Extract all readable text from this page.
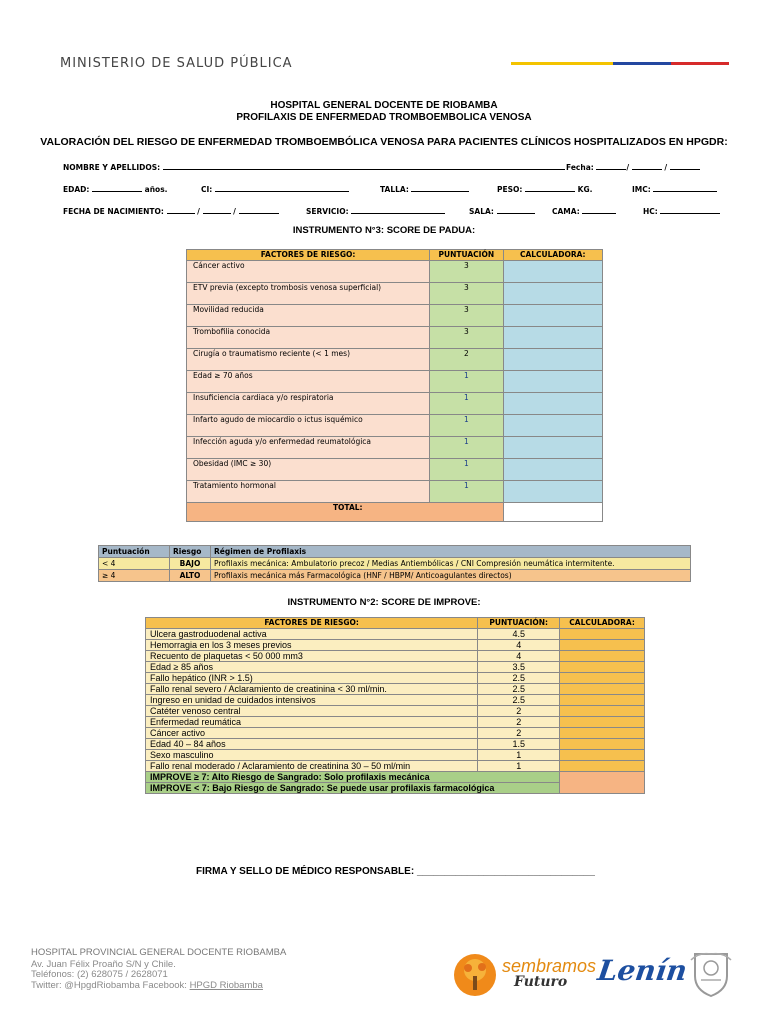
MINISTERIO DE SALUD PÚBLICA
HOSPITAL GENERAL DOCENTE DE RIOBAMBA
PROFILAXIS DE ENFERMEDAD TROMBOEMBOLICA VENOSA
VALORACIÓN DEL RIESGO DE ENFERMEDAD TROMBOEMBÓLICA VENOSA PARA PACIENTES CLÍNICOS HOSPITALIZADOS EN HPGDR:
NOMBRE Y APELLIDOS:	Fecha:	/	/
EDAD:	años.	CI:	TALLA:	PESO:	KG.	IMC:
FECHA DE NACIMIENTO:	/	/	SERVICIO:	SALA:	CAMA:	HC:
INSTRUMENTO N°3: SCORE DE PADUA:
FACTORES DE RIESGO:	PUNTUACIÓN	CALCULADORA:
Cáncer activo	3	
ETV previa (excepto trombosis venosa superficial)	3	
Movilidad reducida	3	
Trombofilia conocida	3	
Cirugía o traumatismo reciente (< 1 mes)	2	
Edad ≥ 70 años	1	
Insuficiencia cardiaca y/o respiratoria	1	
Infarto agudo de miocardio o ictus isquémico	1	
Infección aguda y/o enfermedad reumatológica	1	
Obesidad (IMC ≥ 30)	1	
Tratamiento hormonal	1	
TOTAL:		
Puntuación	Riesgo	Régimen de Profilaxis
< 4	BAJO	Profilaxis mecánica: Ambulatorio precoz / Medias Antiembólicas / CNI Compresión neumática intermitente.
≥ 4	ALTO	Profilaxis mecánica más Farmacológica (HNF / HBPM/ Anticoagulantes directos)
INSTRUMENTO N°2: SCORE DE IMPROVE:
FACTORES DE RIESGO:	PUNTUACIÓN:	CALCULADORA:
Ulcera gastroduodenal activa	4.5	
Hemorragia en los 3 meses previos	4	
Recuento de plaquetas < 50 000 mm3	4	
Edad ≥ 85 años	3.5	
Fallo hepático (INR > 1.5)	2.5	
Fallo renal severo / Aclaramiento de creatinina < 30 ml/min.	2.5	
Ingreso en unidad de cuidados intensivos	2.5	
Catéter venoso central	2	
Enfermedad reumática	2	
Cáncer activo	2	
Edad 40 – 84 años	1.5	
Sexo masculino	1	
Fallo renal moderado / Aclaramiento de creatinina 30 – 50 ml/min	1	
IMPROVE ≥ 7: Alto Riesgo de Sangrado: Solo profilaxis mecánica		
IMPROVE < 7: Bajo Riesgo de Sangrado: Se puede usar profilaxis farmacológica		
FIRMA Y SELLO DE MÉDICO RESPONSABLE: ________________________________
HOSPITAL PROVINCIAL GENERAL DOCENTE RIOBAMBA
Av. Juan Félix Proaño S/N y Chile.
Teléfonos: (2) 628075 / 2628071
Twitter: @HpgdRiobamba Facebook: HPGD Riobamba
sembramos
Futuro Lenín
